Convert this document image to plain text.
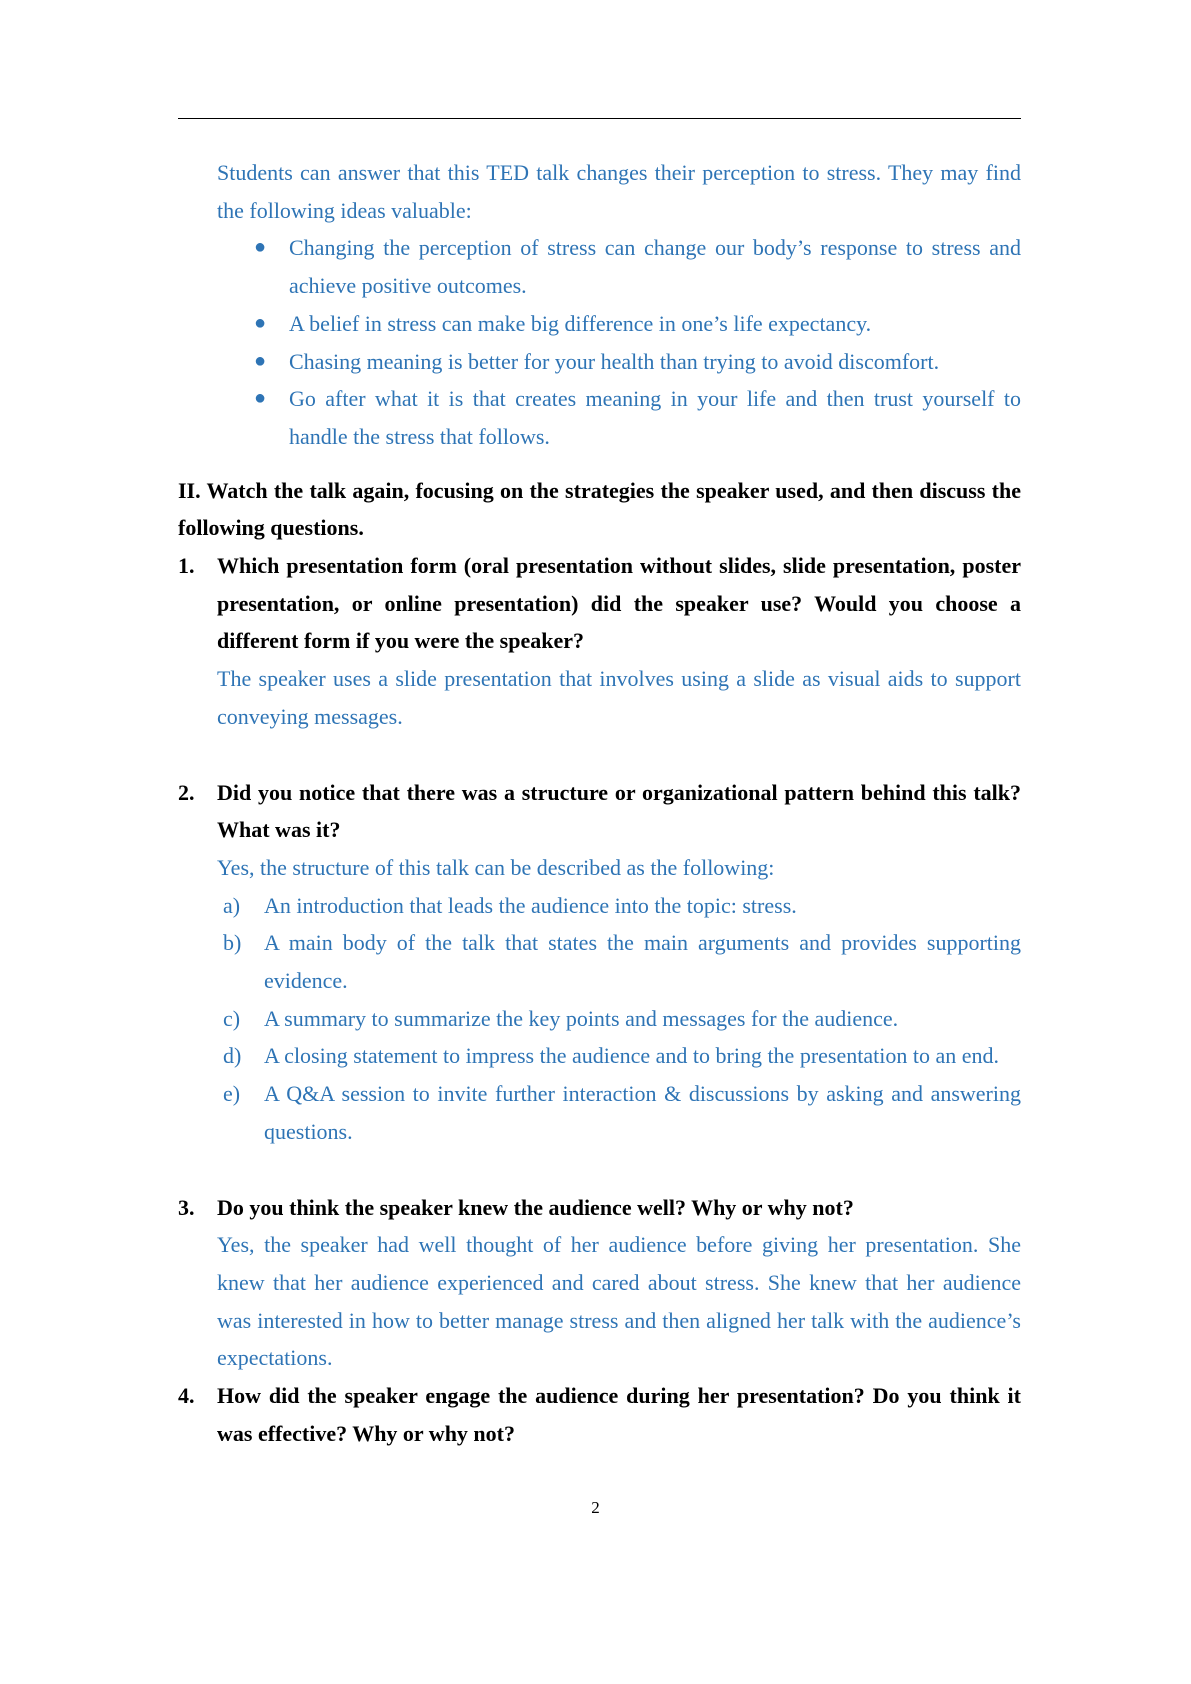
Students can answer that this TED talk changes their perception to stress. They may find the following ideas valuable:

● Changing the perception of stress can change our body’s response to stress and achieve positive outcomes.
● A belief in stress can make big difference in one’s life expectancy.
● Chasing meaning is better for your health than trying to avoid discomfort.
● Go after what it is that creates meaning in your life and then trust yourself to handle the stress that follows.

II. Watch the talk again, focusing on the strategies the speaker used, and then discuss the following questions.

1. Which presentation form (oral presentation without slides, slide presentation, poster presentation, or online presentation) did the speaker use? Would you choose a different form if you were the speaker?

The speaker uses a slide presentation that involves using a slide as visual aids to support conveying messages.

2. Did you notice that there was a structure or organizational pattern behind this talk? What was it?

Yes, the structure of this talk can be described as the following:

a) An introduction that leads the audience into the topic: stress.
b) A main body of the talk that states the main arguments and provides supporting evidence.
c) A summary to summarize the key points and messages for the audience.
d) A closing statement to impress the audience and to bring the presentation to an end.
e) A Q&A session to invite further interaction & discussions by asking and answering questions.
3. Do you think the speaker knew the audience well? Why or why not?

Yes, the speaker had well thought of her audience before giving her presentation. She knew that her audience experienced and cared about stress. She knew that her audience was interested in how to better manage stress and then aligned her talk with the audience’s expectations.

4. How did the speaker engage the audience during her presentation? Do you think it was effective? Why or why not?

2
